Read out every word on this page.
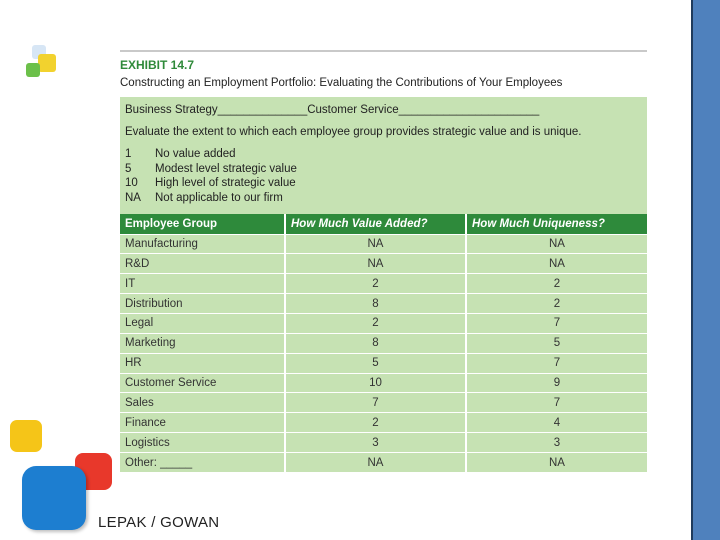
EXHIBIT 14.7
Constructing an Employment Portfolio: Evaluating the Contributions of Your Employees
Business Strategy______________Customer Service______________________
Evaluate the extent to which each employee group provides strategic value and is unique.
1	No value added
5	Modest level strategic value
10	High level of strategic value
NA	Not applicable to our firm
Employee Group	How Much Value Added?	How Much Uniqueness?
Manufacturing	NA	NA
R&D	NA	NA
IT	2	2
Distribution	8	2
Legal	2	7
Marketing	8	5
HR	5	7
Customer Service	10	9
Sales	7	7
Finance	2	4
Logistics	3	3
Other: _____	NA	NA
LEPAK / GOWAN
